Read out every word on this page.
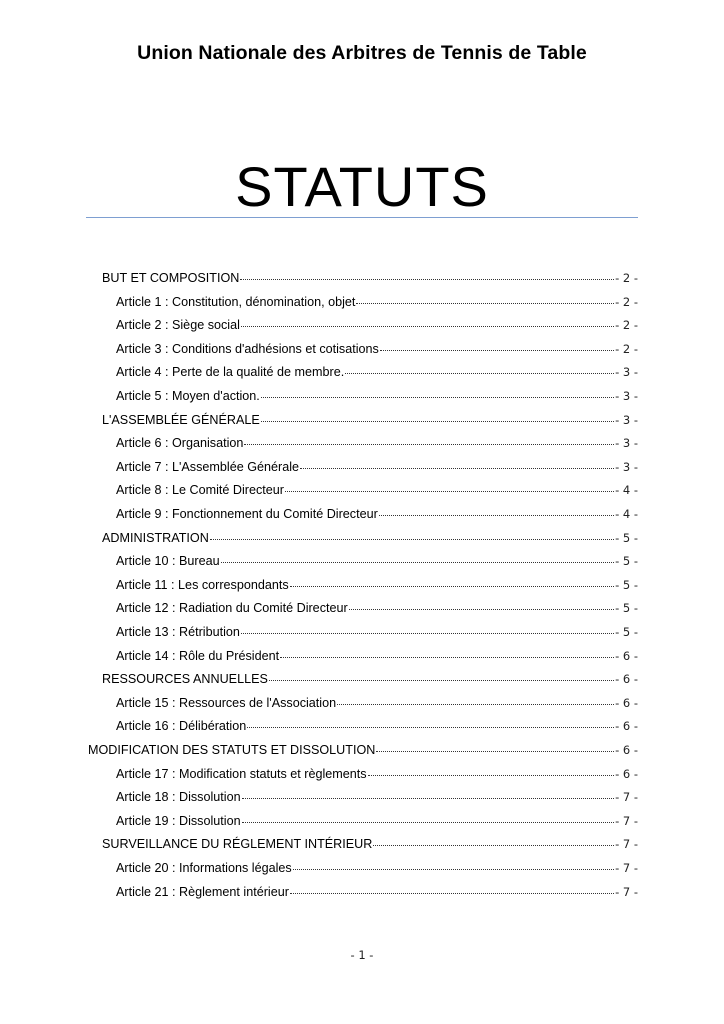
Union Nationale des Arbitres de Tennis de Table
STATUTS
BUT ET COMPOSITION	- 2 -
Article 1 : Constitution, dénomination, objet	- 2 -
Article 2 : Siège social	- 2 -
Article 3 : Conditions d'adhésions et cotisations	- 2 -
Article 4 : Perte de la qualité de membre.	- 3 -
Article 5 : Moyen d'action.	- 3 -
L'ASSEMBLÉE GÉNÉRALE	- 3 -
Article 6 : Organisation	- 3 -
Article 7 : L'Assemblée Générale	- 3 -
Article 8 : Le Comité Directeur	- 4 -
Article 9 : Fonctionnement du Comité Directeur	- 4 -
ADMINISTRATION	- 5 -
Article 10 : Bureau	- 5 -
Article 11 : Les correspondants	- 5 -
Article 12 : Radiation du Comité Directeur	- 5 -
Article 13 : Rétribution	- 5 -
Article 14 : Rôle du Président	- 6 -
RESSOURCES ANNUELLES	- 6 -
Article 15 : Ressources de l'Association	- 6 -
Article 16 : Délibération	- 6 -
MODIFICATION DES STATUTS ET DISSOLUTION	- 6 -
Article 17 : Modification statuts et règlements	- 6 -
Article 18 : Dissolution	- 7 -
Article 19 : Dissolution	- 7 -
SURVEILLANCE DU RÉGLEMENT INTÉRIEUR	- 7 -
Article 20 : Informations légales	- 7 -
Article 21 : Règlement intérieur	- 7 -
- 1 -
